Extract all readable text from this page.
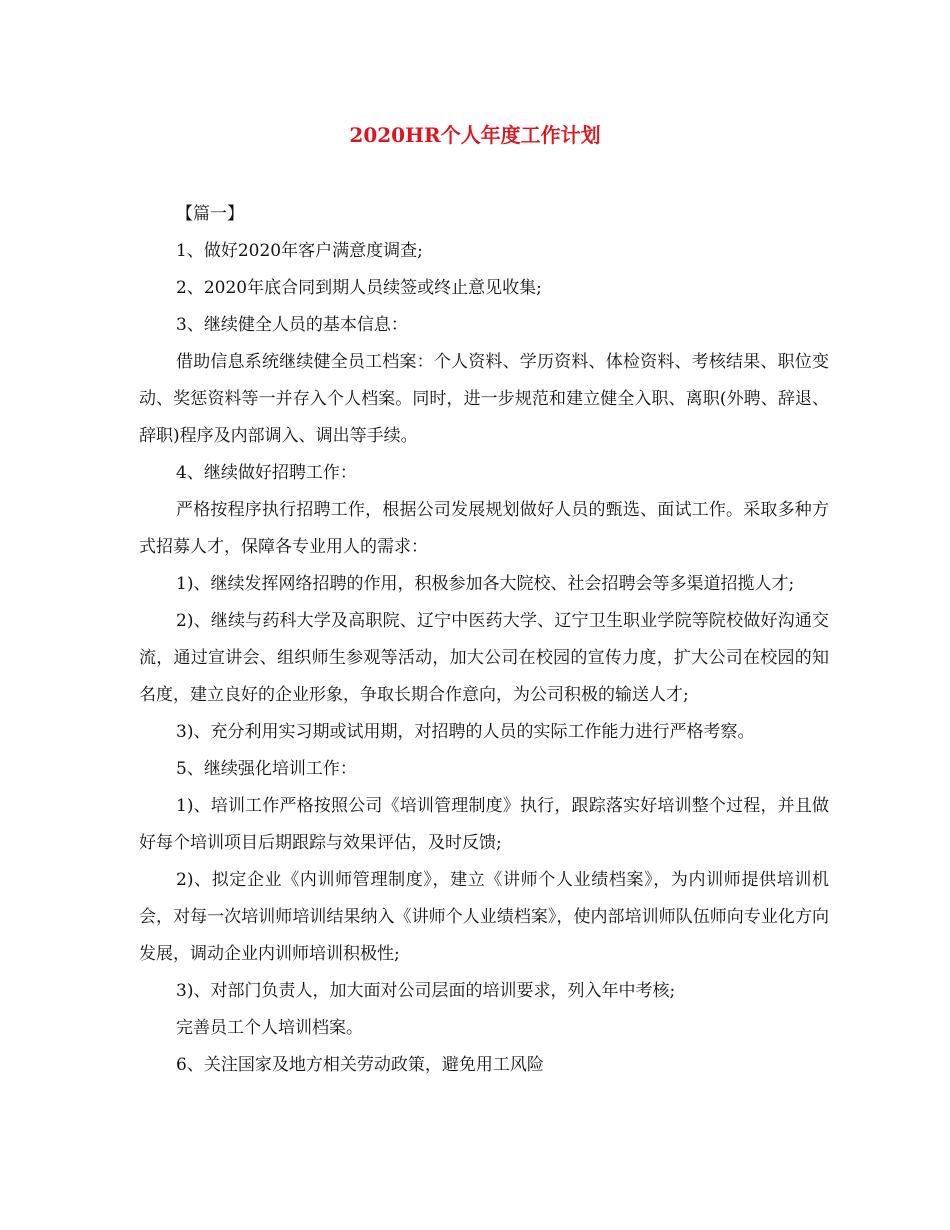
2020HR个人年度工作计划

【篇一】

1、做好2020年客户满意度调查;

2、2020年底合同到期人员续签或终止意见收集;

3、继续健全人员的基本信息：

借助信息系统继续健全员工档案：个人资料、学历资料、体检资料、考核结果、职位变动、奖惩资料等一并存入个人档案。同时，进一步规范和建立健全入职、离职(外聘、辞退、辞职)程序及内部调入、调出等手续。

4、继续做好招聘工作：

严格按程序执行招聘工作，根据公司发展规划做好人员的甄选、面试工作。采取多种方式招募人才，保障各专业用人的需求：

1)、继续发挥网络招聘的作用，积极参加各大院校、社会招聘会等多渠道招揽人才;

2)、继续与药科大学及高职院、辽宁中医药大学、辽宁卫生职业学院等院校做好沟通交流，通过宣讲会、组织师生参观等活动，加大公司在校园的宣传力度，扩大公司在校园的知名度，建立良好的企业形象，争取长期合作意向，为公司积极的输送人才;

3)、充分利用实习期或试用期，对招聘的人员的实际工作能力进行严格考察。

5、继续强化培训工作：

1)、培训工作严格按照公司《培训管理制度》执行，跟踪落实好培训整个过程，并且做好每个培训项目后期跟踪与效果评估，及时反馈;

2)、拟定企业《内训师管理制度》，建立《讲师个人业绩档案》，为内训师提供培训机会，对每一次培训师培训结果纳入《讲师个人业绩档案》，使内部培训师队伍师向专业化方向发展，调动企业内训师培训积极性;

3)、对部门负责人，加大面对公司层面的培训要求，列入年中考核;

完善员工个人培训档案。

6、关注国家及地方相关劳动政策，避免用工风险
